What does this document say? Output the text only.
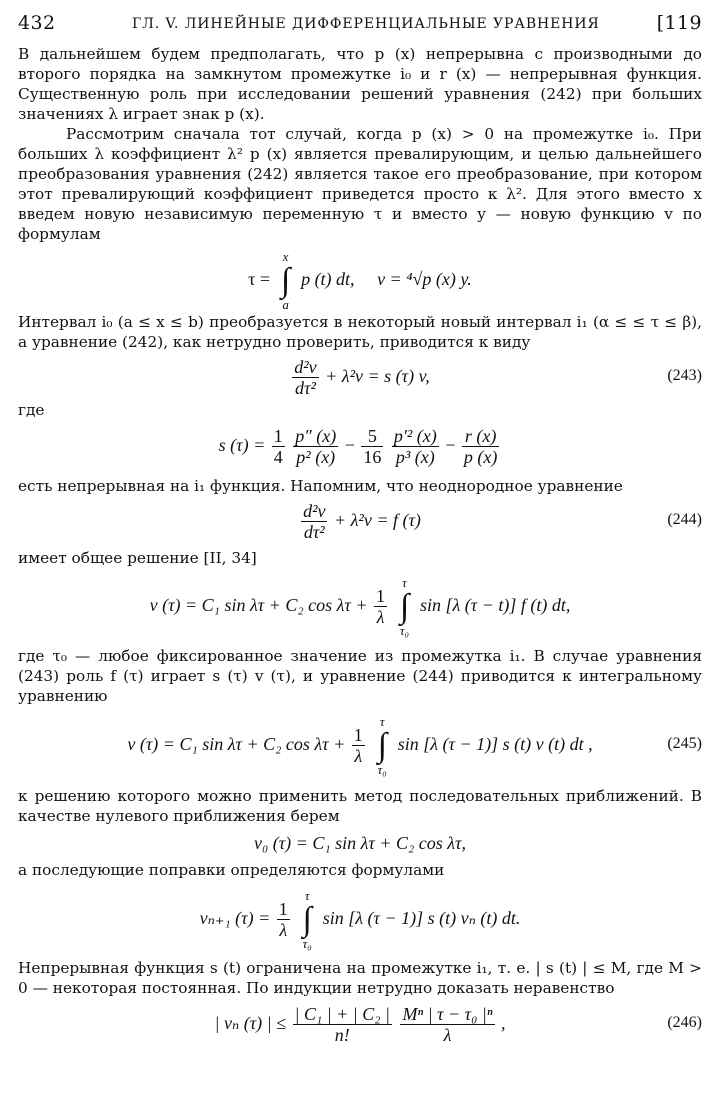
432	ГЛ. V. ЛИНЕЙНЫЕ ДИФФЕРЕНЦИАЛЬНЫЕ УРАВНЕНИЯ	[119

В дальнейшем будем предполагать, что p (x) непрерывна с производными до второго порядка на замкнутом промежутке i₀ и r (x) — непрерывная функция. Существенную роль при исследовании решений уравнения (242) при больших значениях λ играет знак p (x).

Рассмотрим сначала тот случай, когда p (x) > 0 на промежутке i₀. При больших λ коэффициент λ² p (x) является превалирующим, и целью дальнейшего преобразования уравнения (242) является такое его преобразование, при котором этот превалирующий коэффициент приведется просто к λ². Для этого вместо x введем новую независимую переменную τ и вместо y — новую функцию v по формулам

τ =
x
∫
a
p (t) dt, v = ⁴√p (x) y.

Интервал i₀ (a ≤ x ≤ b) преобразуется в некоторый новый интервал i₁ (α ≤ ≤ τ ≤ β), а уравнение (242), как нетрудно проверить, приводится к виду

$\frac{\text{d²v}}{\text{dτ²}} + \lambda^2v = s$ (τ) v,	(243)

где

s $(\tau) = \frac{1}{4}$
$\frac{p'' (x)}{\text{p² (x)}} - \frac{5}{16}$
$\frac{\text{p′² (x)}}{\text{p³ (x)}} - \frac{r (x)}{p (x)}$

есть непрерывная на i₁ функция. Напомним, что неоднородное уравнение

$\frac{\text{d²v}}{\text{dτ²}} + \lambda^2v = f$ (τ)	(244)

имеет общее решение [II, 34]

v (τ) = C₁ sin λτ + C₂ $\cos \lambda\tau + \frac{1}{\lambda}$

τ
∫
τ₀
sin [λ (τ − t)] f (t) dt,

где τ₀ — любое фиксированное значение из промежутка i₁. В случае уравнения (243) роль f (τ) играет s (τ) v (τ), и уравнение (244) приводится к интегральному уравнению

v (τ) = C₁ sin λτ + C₂ $\cos \lambda\tau + \frac{1}{\lambda}$

τ
∫
τ₀
sin [λ (τ − 1)] s (t) v (t) dt ,	(245)

к решению которого можно применить метод последовательных приближений. В качестве нулевого приближения берем

v₀ (τ) = C₁ sin λτ + C₂ cos λτ,

а последующие поправки определяются формулами

vₙ₊₁ $(\tau) = \frac{1}{\lambda}$

τ
∫
τ₀
sin [λ (τ − 1)] s (t) vₙ (t) dt.

Непрерывная функция s (t) ограничена на промежутке i₁, т. е. | s (t) | ≤ M, где M > 0 — некоторая постоянная. По индукции нетрудно доказать неравенство

| vₙ (τ) | ≤ $\frac{\text{| C₁ | + | C₂ |}}{n!}$
$\frac{\text{Mⁿ | τ − τ₀ |ⁿ}}{\lambda}$ ,	(246)
